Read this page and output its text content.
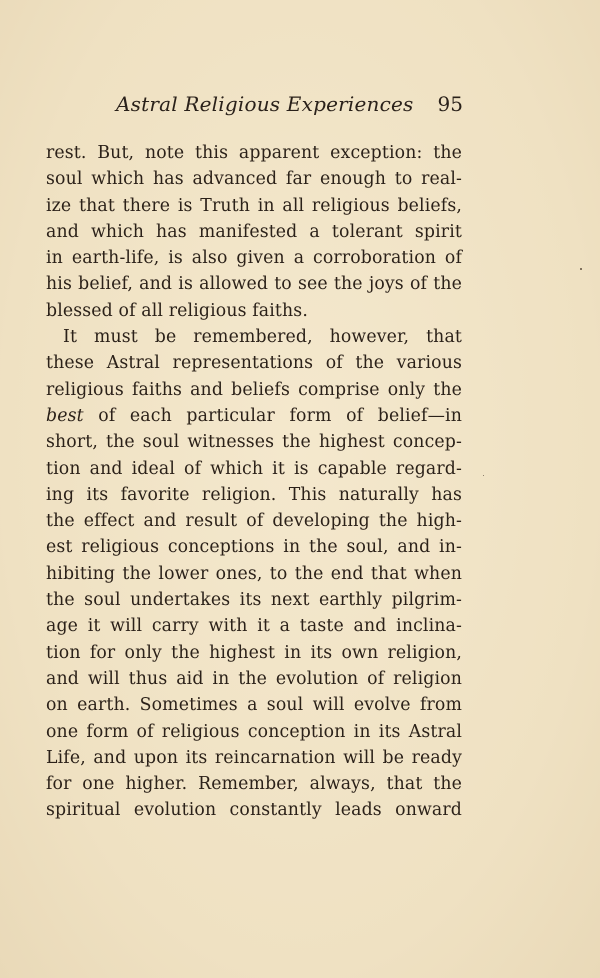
Astral Religious Experiences 95
rest. But, note this apparent exception: the
soul which has advanced far enough to real-
ize that there is Truth in all religious beliefs,
and which has manifested a tolerant spirit
in earth-life, is also given a corroboration of
his belief, and is allowed to see the joys of the
blessed of all religious faiths.
It must be remembered, however, that
these Astral representations of the various
religious faiths and beliefs comprise only the
best of each particular form of belief—in
short, the soul witnesses the highest concep-
tion and ideal of which it is capable regard-
ing its favorite religion. This naturally has
the effect and result of developing the high-
est religious conceptions in the soul, and in-
hibiting the lower ones, to the end that when
the soul undertakes its next earthly pilgrim-
age it will carry with it a taste and inclina-
tion for only the highest in its own religion,
and will thus aid in the evolution of religion
on earth. Sometimes a soul will evolve from
one form of religious conception in its Astral
Life, and upon its reincarnation will be ready
for one higher. Remember, always, that the
spiritual evolution constantly leads onward
